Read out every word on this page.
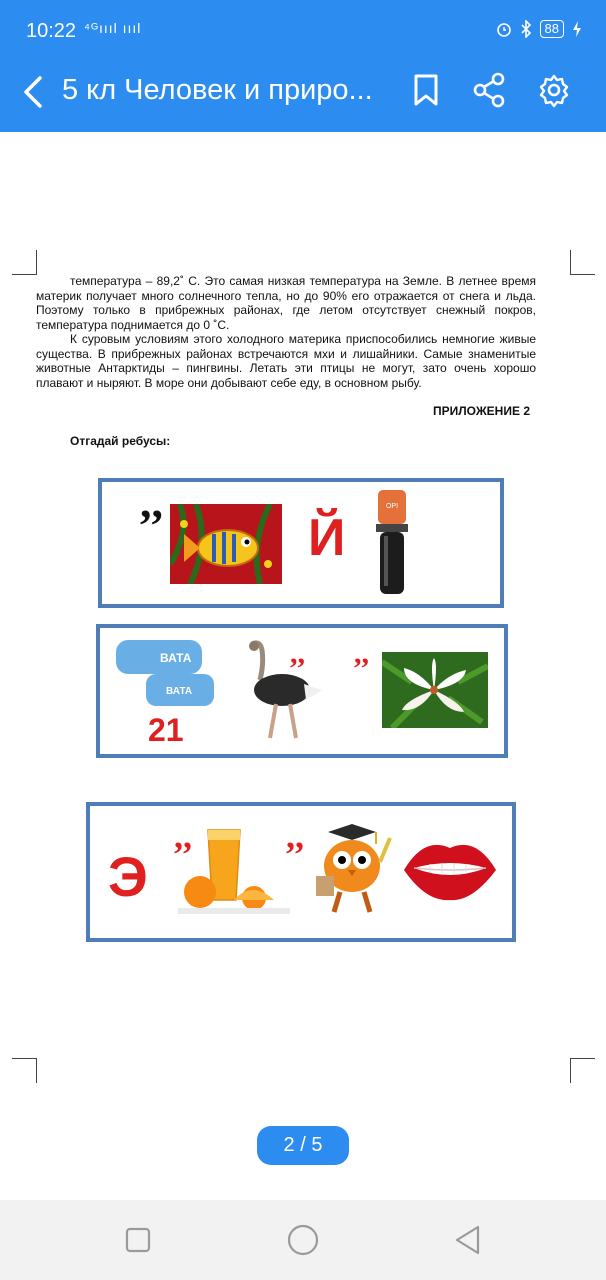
10:22 ⁴ᴳıııl ıııl	88
5 кл Человек и приро...

температура – 89,2˚ С. Это самая низкая температура на Земле. В летнее время материк получает много солнечного тепла, но до 90% его отражается от снега и льда. Поэтому только в прибрежных районах, где летом отсутствует снежный покров, температура поднимается до 0 ˚С.

К суровым условиям этого холодного материка приспособились немногие живые существа. В прибрежных районах встречаются мхи и лишайники. Самые знаменитые животные Антарктиды – пингвины. Летать эти птицы не могут, зато очень хорошо плавают и ныряют. В море они добывают себе еду, в основном рыбу.

ПРИЛОЖЕНИЕ 2
Отгадай ребусы:
,,
Й
OPI
ВАТА
ВАТА
21
,, ,,
Э
,,	,,
2 / 5
